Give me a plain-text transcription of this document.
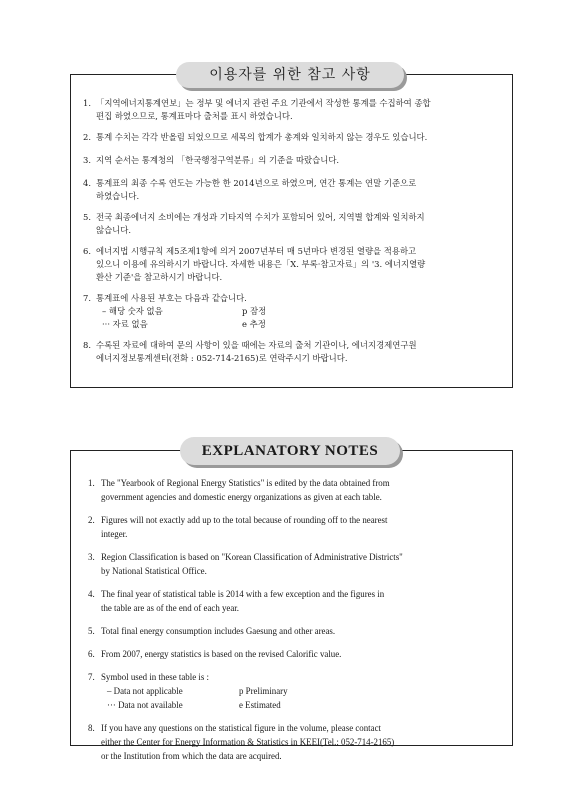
이용자를 위한 참고 사항
1. 「지역에너지통계연보」는 정부 및 에너지 관련 주요 기관에서 작성한 통계를 수집하여 종합
편집 하였으므로, 통계표마다 출처를 표시 하였습니다.
2. 통계 수치는 각각 반올림 되었으므로 세목의 합계가 총계와 일치하지 않는 경우도 있습니다.
3. 지역 순서는 통계청의 「한국행정구역분류」의 기준을 따랐습니다.
4. 통계표의 최종 수록 연도는 가능한 한 2014년으로 하였으며, 연간 통계는 연말 기준으로
하였습니다.
5. 전국 최종에너지 소비에는 개성과 기타지역 수치가 포함되어 있어, 지역별 합계와 일치하지
않습니다.
6. 에너지법 시행규칙 제5조제1항에 의거 2007년부터 매 5년마다 변경된 열량을 적용하고
있으니 이용에 유의하시기 바랍니다. 자세한 내용은「X. 부록·참고자료」의 '3. 에너지열량
환산 기준'을 참고하시기 바랍니다.
7. 통계표에 사용된 부호는 다음과 같습니다.
– 해당 숫자 없음	p 잠정
··· 자료 없음	e 추정
8. 수록된 자료에 대하여 문의 사항이 있을 때에는 자료의 출처 기관이나, 에너지경제연구원
에너지정보통계센터(전화 : 052-714-2165)로 연락주시기 바랍니다.
EXPLANATORY NOTES
1. The "Yearbook of Regional Energy Statistics" is edited by the data obtained from
government agencies and domestic energy organizations as given at each table.
2. Figures will not exactly add up to the total because of rounding off to the nearest
integer.
3. Region Classification is based on "Korean Classification of Administrative Districts"
by National Statistical Office.
4. The final year of statistical table is 2014 with a few exception and the figures in
the table are as of the end of each year.
5. Total final energy consumption includes Gaesung and other areas.
6. From 2007, energy statistics is based on the revised Calorific value.
7. Symbol used in these table is :
– Data not applicable	p Preliminary
··· Data not available	e Estimated
8. If you have any questions on the statistical figure in the volume, please contact
either the Center for Energy Information & Statistics in KEEI(Tel.: 052-714-2165)
or the Institution from which the data are acquired.
